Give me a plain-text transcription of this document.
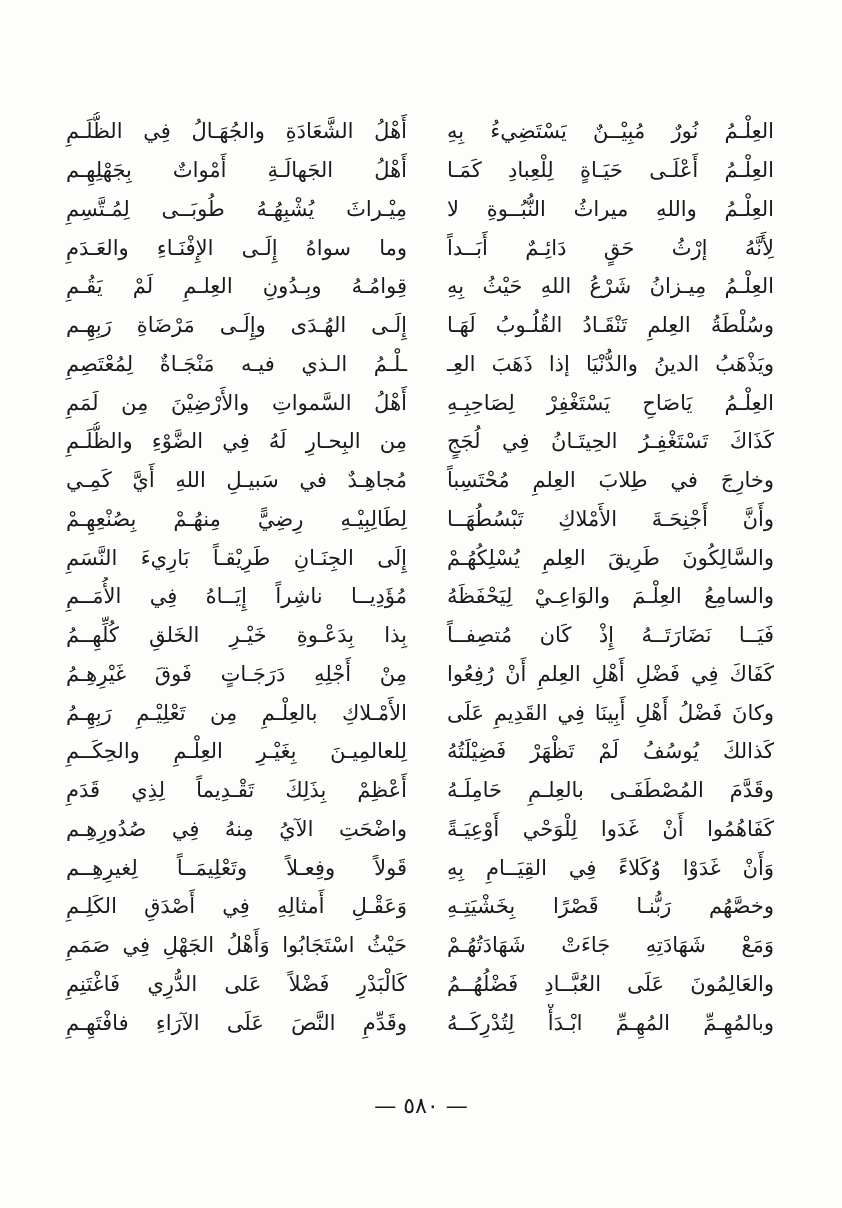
العِلْـمُ نُورٌ مُبِيْــنٌ يَسْتَضِيءُ بِهِ
أَهْلُ الشَّعَادَةِ والجُهَـالُ فِي الظُّلَـمِ
العِلْـمُ أَعْلَـى حَيَـاةٍ لِلْعِبادِ كَمَـا
أَهْلُ الجَهالَـةِ أَمْواتٌ بِجَهْلِهِـم
العِلْـمُ واللهِ ميراثُ النُّبُــوةِ لا
مِيْـراثَ يُشْبِهُـهُ طُوبَــى لِمُـتَّسِمِ
لِأَنَّهُ إرْثُ حَقٍ دَائِـمٌ أَبَــداً
وما سواهُ إِلَـى الإِفْنَـاءِ والعَـدَمِ
العِلْـمُ مِيـزانُ شَرْعُ اللهِ حَيْثُ بِهِ
قِوامُـهُ وبِـدُونِ العِلـمِ لَمْ يَقُـمِ
وسُلْطَةُ العِلمِ تَنْقَـادُ القُلُـوبُ لَهَـا
إِلَـى الهُـدَى وإِلَـى مَرْضَاةِ رَبِهِـم
ويَذْهَبُ الدينُ والدُّنْيَا إذا ذَهَبَ العِـ
ـلْـمُ الـذي فيـه مَنْجَـاةٌ لِمُعْتَصِمِ
العِلْـمُ يَاصَاحِ يَسْتَغْفِرْ لِصَاحِبِـهِ
أَهْلُ السَّمواتِ والأَرْضِيْنَ مِن لَمَمِ
كَذَاكَ تَسْتَغْفِـرُ الحِيتَـانُ فِي لُجَجٍ
مِن البِحـارِ لَهُ فِي الضَّوْءِ والظُّلَـمِ
وخارِجَ في طِلابَ العِلمِ مُحْتَسِباً
مُجاهِـدٌ في سَبيـلِ اللهِ أَيَّ كَمِـي
وأَنَّ أَجْنِحَـةَ الأَمْلاكِ تَبْسُطُهَــا
لِطَالِبِيْـهِ رِضِيًّ مِنهُـمْ بِصُنْعِهِـمْ
والسَّالِكُونَ طَرِيقَ العِلمِ يُسْلِكُهُـمْ
إِلَى الجِنَـانِ طَرِيْقـاً بَارِيءَ النَّسَمِ
والسامِعُ العِلْـمَ والوَاعِـيْ لِيَحْفَظَهُ
مُؤَدِيــا ناشِراً إِيَــاهُ فِي الأُمَــمِ
فَيَــا نَضَارَتَــهُ إِذْ كَان مُتصِفــاً
بِذا بِدَعْـوةِ خَيْـرِ الخَلقِ كُلِّهِــمُ
كَفَاكَ فِي فَضْلِ أَهْلِ العِلمِ أَنْ رُفِعُوا
مِنْ أَجْلِهِ دَرَجَـاتٍ فَوقَ غَيْرِهِـمُ
وكانَ فَضْلُ أَهْلِ أَبِينَا فِي القَدِيمِ عَلَى
الأَمْـلاكِ بالعِلْـمِ مِن تَعْلِيْـمِ رَبِهِـمُ
كَذالكَ يُوسُفُ لَمْ تَظْهَرْ فَضِيْلَتُهُ
لِلعالمِيـنَ بِغَيْـرِ العِلْـمِ والحِكَــمِ
وقَدَّمَ المُصْطَفَـى بالعِلـمِ حَامِلَـهُ
أَعْظِمْ بِذَلِكَ تَقْـدِيماً لِذِي قَدَمِ
كَفَاهُمُوا أَنْ غَدَوا لِلْوَحْي أَوْعِيَـةً
واضْحَتِ الآيُ مِنهُ فِي صُدُورِهِـم
وَأَنْ غَدَوْا وُكَلاءً فِي القِيَــامِ بِهِ
قَولاً وفِعـلاً وتَعْلِيمَــاً لِغيرِهِــم
وخصَّهُم رَبُّنـا قَصْرًا بِخَشْيَتِـهِ
وَعَقْـلِ أَمثالِهِ فِي أَصْدَقِ الكَلِـمِ
وَمَعْ شَهَادَتِهِ جَاءَتْ شَهَادَتُهُـمْ
حَيْثُ اسْتَجَابُوا وَأَهْلُ الجَهْلِ فِي صَمَمِ
والعَالِمُونَ عَلَى العُبَّــادِ فَضْلُهُــمُ
كَالْبَدْرِ فَضْلاً عَلى الدُّرِي فَاغْتَنِمِ
وبالمُهِـمِّ المُهِـمِّ ابْـدَأْ لِتُدْرِكَــهُ
وقَدِّمِ النَّصَ عَلَى الآرَاءِ فافْتَهِـمِ
— ٥٨٠ —
